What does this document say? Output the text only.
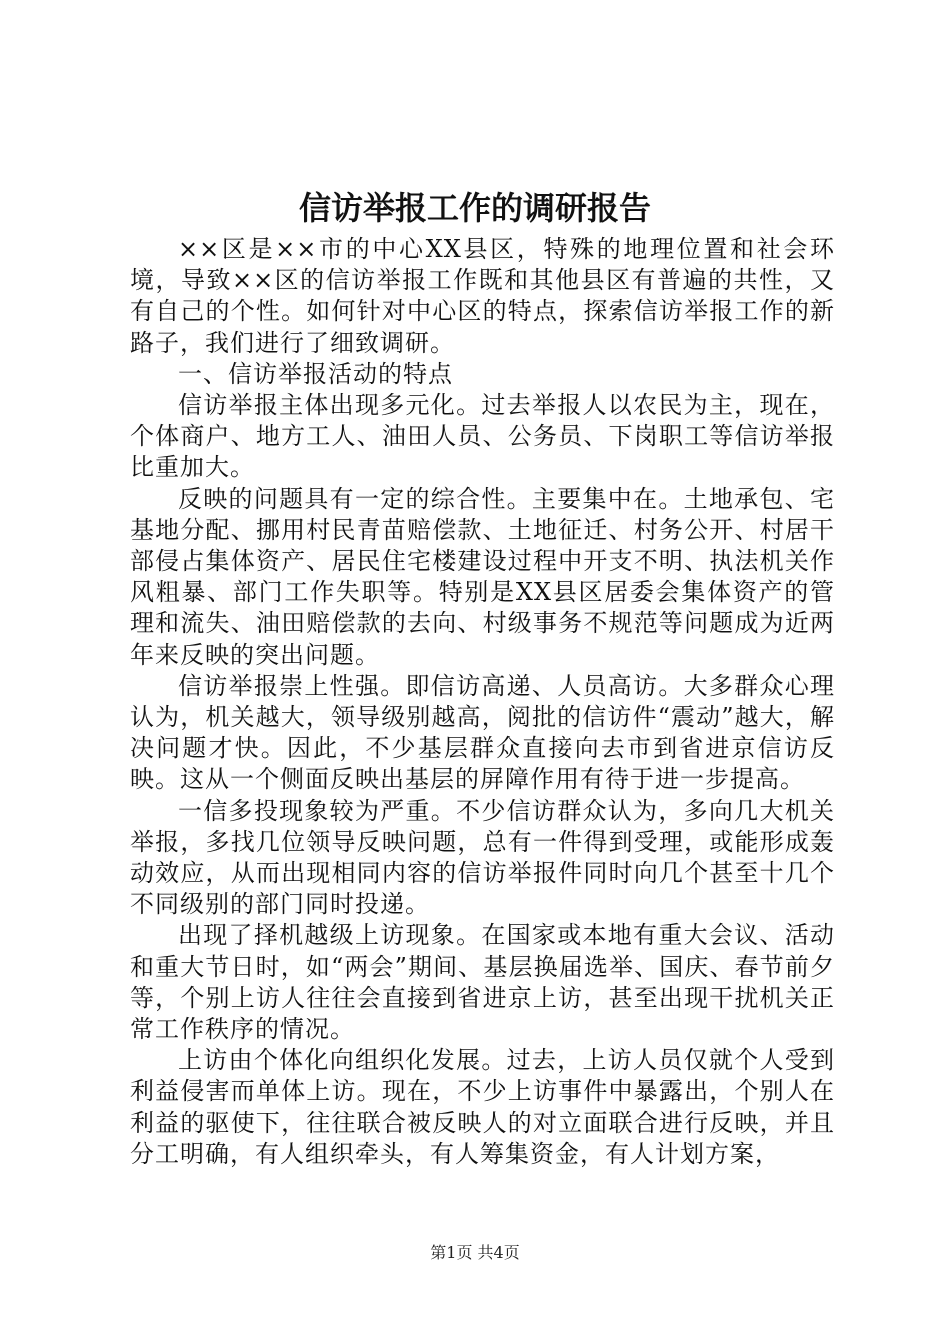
信访举报工作的调研报告

××区是××市的中心XX县区，特殊的地理位置和社会环境，导致××区的信访举报工作既和其他县区有普遍的共性，又有自己的个性。如何针对中心区的特点，探索信访举报工作的新路子，我们进行了细致调研。

一、信访举报活动的特点

信访举报主体出现多元化。过去举报人以农民为主，现在，个体商户、地方工人、油田人员、公务员、下岗职工等信访举报比重加大。

反映的问题具有一定的综合性。主要集中在。土地承包、宅基地分配、挪用村民青苗赔偿款、土地征迁、村务公开、村居干部侵占集体资产、居民住宅楼建设过程中开支不明、执法机关作风粗暴、部门工作失职等。特别是XX县区居委会集体资产的管理和流失、油田赔偿款的去向、村级事务不规范等问题成为近两年来反映的突出问题。

信访举报崇上性强。即信访高递、人员高访。大多群众心理认为，机关越大，领导级别越高，阅批的信访件“震动”越大，解决问题才快。因此，不少基层群众直接向去市到省进京信访反映。这从一个侧面反映出基层的屏障作用有待于进一步提高。

一信多投现象较为严重。不少信访群众认为，多向几大机关举报，多找几位领导反映问题，总有一件得到受理，或能形成轰动效应，从而出现相同内容的信访举报件同时向几个甚至十几个不同级别的部门同时投递。

出现了择机越级上访现象。在国家或本地有重大会议、活动和重大节日时，如“两会”期间、基层换届选举、国庆、春节前夕等，个别上访人往往会直接到省进京上访，甚至出现干扰机关正常工作秩序的情况。

上访由个体化向组织化发展。过去，上访人员仅就个人受到利益侵害而单体上访。现在，不少上访事件中暴露出，个别人在利益的驱使下，往往联合被反映人的对立面联合进行反映，并且分工明确，有人组织牵头，有人筹集资金，有人计划方案，

第1页 共4页
